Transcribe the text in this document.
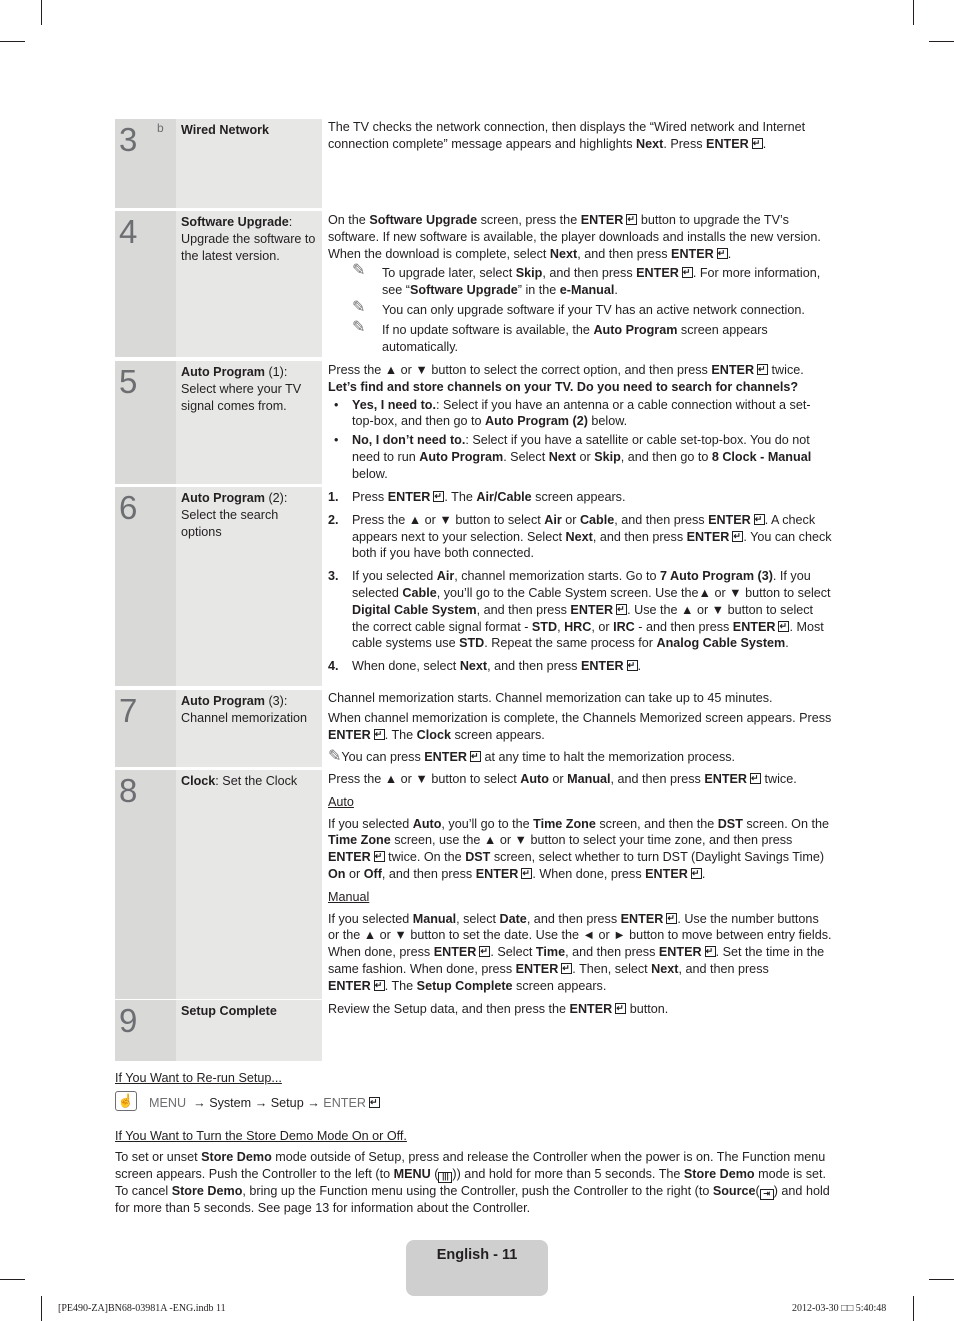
3 b	Wired Network	The TV checks the network connection, then displays the “Wired network and Internet connection complete” message appears and highlights Next. Press ENTER ↵ .

4	Software Upgrade: Upgrade the software to the latest version.

On the Software Upgrade screen, press the ENTER↵ button to upgrade the TV’s software. If new software is available, the player downloads and installs the new version. When the download is complete, select Next, and then press ENTER ↵ .

✎ To upgrade later, select Skip, and then press ENTER ↵ . For more information, see “Software Upgrade” in the e-Manual.
✎ You can only upgrade software if your TV has an active network connection.
✎ If no update software is available, the Auto Program screen appears automatically.
5	Auto Program (1): Select where your TV signal comes from.

Press the ▲ or ▼ button to select the correct option, and then press ENTER↵ twice.

Let’s find and store channels on your TV. Do you need to search for channels?

• Yes, I need to.: Select if you have an antenna or a cable connection without a set-top-box, and then go to Auto Program (2) below.
• No, I don’t need to.: Select if you have a satellite or cable set-top-box. You do not need to run Auto Program. Select Next or Skip, and then go to 8 Clock - Manual below.
6	Auto Program (2): Select the search options
1. Press ENTER ↵ . The Air/Cable screen appears.
2. Press the ▲ or ▼ button to select Air or Cable, and then press ENTER ↵ . A check appears next to your selection. Select Next, and then press ENTER ↵ . You can check both if you have both connected.
3. If you selected Air, channel memorization starts. Go to 7 Auto Program (3). If you selected Cable, you’ll go to the Cable System screen. Use the▲ or ▼ button to select Digital Cable System, and then press ENTER ↵ . Use the ▲ or ▼ button to select the correct cable signal format - STD, HRC, or IRC - and then press ENTER ↵ . Most cable systems use STD. Repeat the same process for Analog Cable System.
4. When done, select Next, and then press ENTER ↵ .
7	Auto Program (3): Channel memorization

Channel memorization starts. Channel memorization can take up to 45 minutes.

When channel memorization is complete, the Channels Memorized screen appears. Press ENTER ↵ . The Clock screen appears.

✎You can press ENTER↵ at any time to halt the memorization process.

8	Clock: Set the Clock	Press the ▲ or ▼ button to select Auto or Manual, and then press ENTER↵ twice.

Auto

If you selected Auto, you’ll go to the Time Zone screen, and then the DST screen. On the Time Zone screen, use the ▲ or ▼ button to select your time zone, and then press ENTER↵ twice. On the DST screen, select whether to turn DST (Daylight Savings Time) On or Off, and then press ENTER ↵ . When done, press ENTER ↵ .

Manual

If you selected Manual, select Date, and then press ENTER ↵ . Use the number buttons or the ▲ or ▼ button to set the date. Use the ◄ or ► button to move between entry fields. When done, press ENTER ↵ . Select Time, and then press ENTER ↵ . Set the time in the same fashion. When done, press ENTER ↵ . Then, select Next, and then press ENTER ↵ . The Setup Complete screen appears.

9	Setup Complete	Review the Setup data, and then press the ENTER↵ button.

If You Want to Re-run Setup...
☝ MENU → System → Setup → ENTER↵
If You Want to Turn the Store Demo Mode On or Off.
To set or unset Store Demo mode outside of Setup, press and release the Controller when the power is on. The Function menu screen appears. Push the Controller to the left (to MENU ( ||| )) and hold for more than 5 seconds. The Store Demo mode is set. To cancel Store Demo, bring up the Function menu using the Controller, push the Controller to the right (to Source( ⇥ ) and hold for more than 5 seconds. See page 13 for information about the Controller.
English - 11
[PE490-ZA]BN68-03981A -ENG.indb 11	2012-03-30 □□ 5:40:48
